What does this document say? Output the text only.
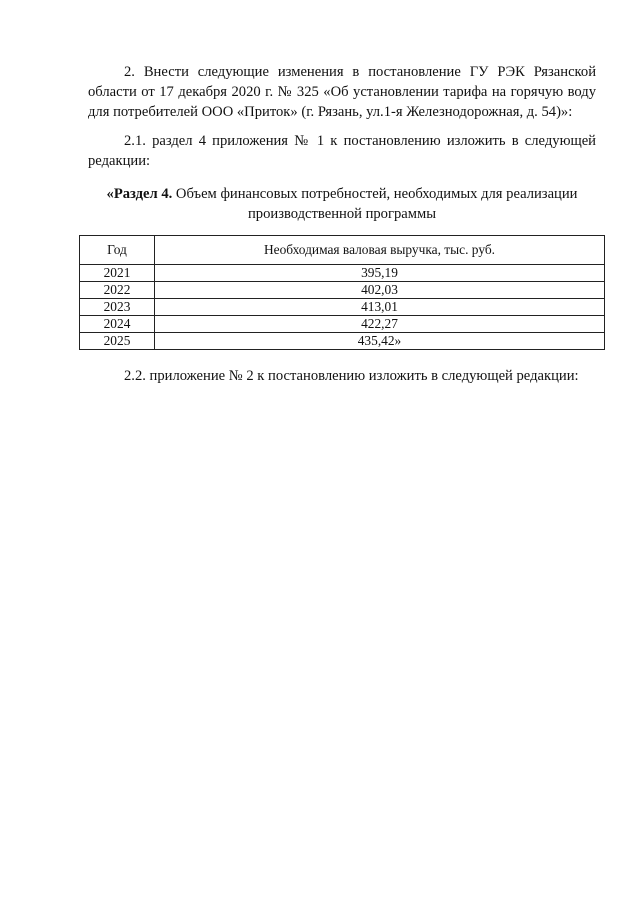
2. Внести следующие изменения в постановление ГУ РЭК Рязанской области от 17 декабря 2020 г. № 325 «Об установлении тарифа на горячую воду для потребителей ООО «Приток» (г. Рязань, ул.1-я Железнодорожная, д. 54)»:

2.1. раздел 4 приложения № 1 к постановлению изложить в следующей редакции:

«Раздел 4. Объем финансовых потребностей, необходимых для реализации производственной программы

Год	Необходимая валовая выручка, тыс. руб.
2021	395,19
2022	402,03
2023	413,01
2024	422,27
2025	435,42»

2.2. приложение № 2 к постановлению изложить в следующей редакции:
